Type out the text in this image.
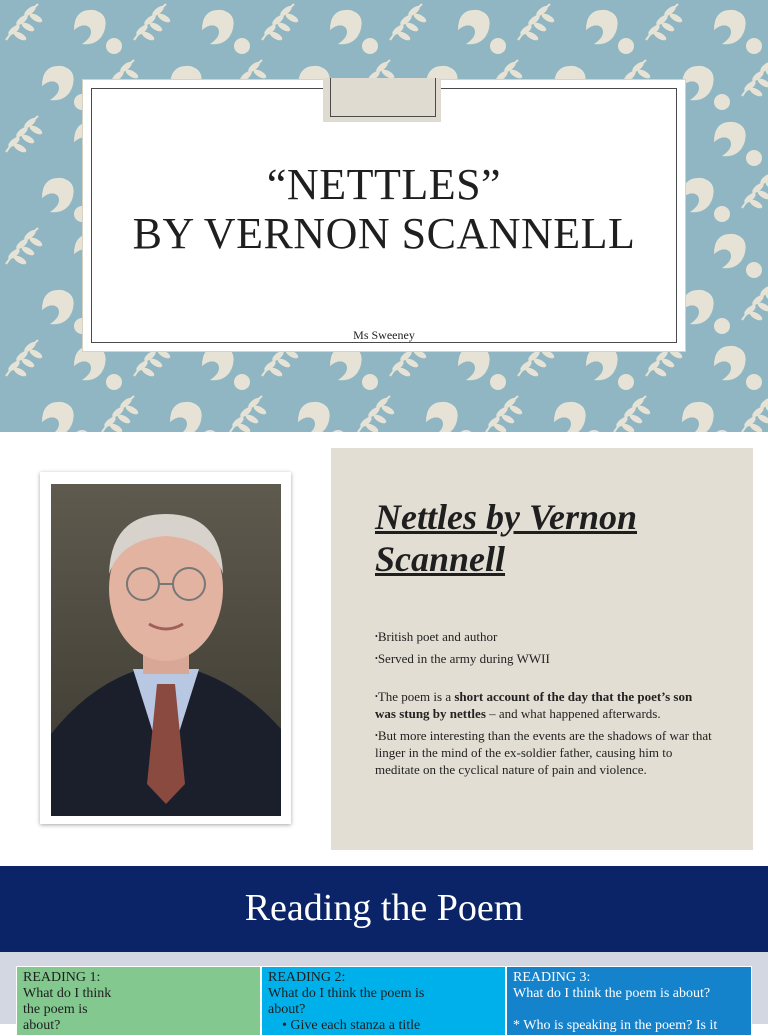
“NETTLES”
BY VERNON SCANNELL
Ms Sweeney
Nettles by Vernon Scannell

•British poet and author

•Served in the army during WWII

•The poem is a short account of the day that the poet’s son was stung by nettles – and what happened afterwards.

•But more interesting than the events are the shadows of war that linger in the mind of the ex-soldier father, causing him to meditate on the cyclical nature of pain and violence.

Reading the Poem
READING 1:
What do I think
the poem is
about?
READING 2:
What do I think the poem is
about?
• Give each stanza a title
READING 3:
What do I think the poem is about?
* Who is speaking in the poem? Is it
